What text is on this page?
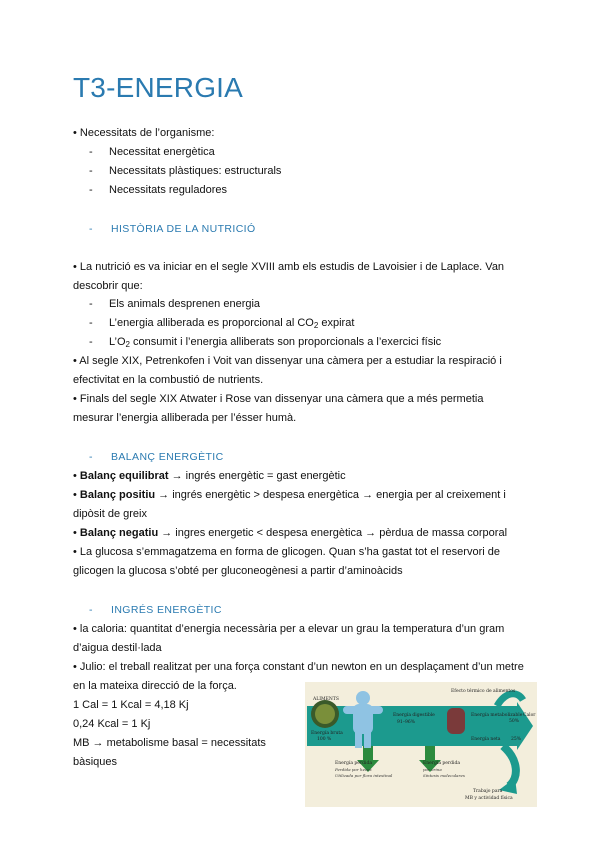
T3-ENERGIA
• Necessitats de l’organisme:
- Necessitat energètica
- Necessitats plàstiques: estructurals
- Necessitats reguladores
- HISTÒRIA DE LA NUTRICIÓ
• La nutrició es va iniciar en el segle XVIII amb els estudis de Lavoisier i de Laplace. Van
descobrir que:
- Els animals desprenen energia
- L’energia alliberada es proporcional al $CO_2$ expirat
- $L’O_2$ consumit i l’energia alliberats son proporcionals a l’exercici físic
• Al segle XIX, Petrenkofen i Voit van dissenyar una càmera per a estudiar la respiració i
efectivitat en la combustió de nutrients.
• Finals del segle XIX Atwater i Rose van dissenyar una càmera que a més permetia
mesurar l’energia alliberada per l’ésser humà.
- BALANÇ ENERGÈTIC
• Balanç equilibrat → ingrés energètic = gast energètic
• Balanç positiu → ingrés energètic > despesa energètica → energia per al creixement i
dipòsit de greix
• Balanç negatiu → ingres energetic < despesa energètica → pèrdua de massa corporal
• La glucosa s’emmagatzema en forma de glicogen. Quan s’ha gastat tot el reservori de
glicogen la glucosa s’obté per gluconeogènesi a partir d’aminoàcids
- INGRÉS ENERGÈTIC
• la caloria: quantitat d’energia necessària per a elevar un grau la temperatura d’un gram
d’aigua destil·lada
• Julio: el treball realitzat per una força constant d’un newton en un desplaçament d’un metre
en la mateixa direcció de la força.
1 Cal = 1 Kcal = 4,18 Kj
0,24 Kcal = 1 Kj
MB → metabolisme basal = necessitats
bàsiques
ALIMENTS
Energía bruta
100 %
Energía digestible
91–96%
Energía metabolizable
Efecto térmico de alimentos
50%
25%
Calor
Energía neta
Energía perdida
Perdida por heces
Utilizada por flora intestinal
Energía perdida
por orina
Síntesis moleculares
Trabajo para
MB y actividad física
